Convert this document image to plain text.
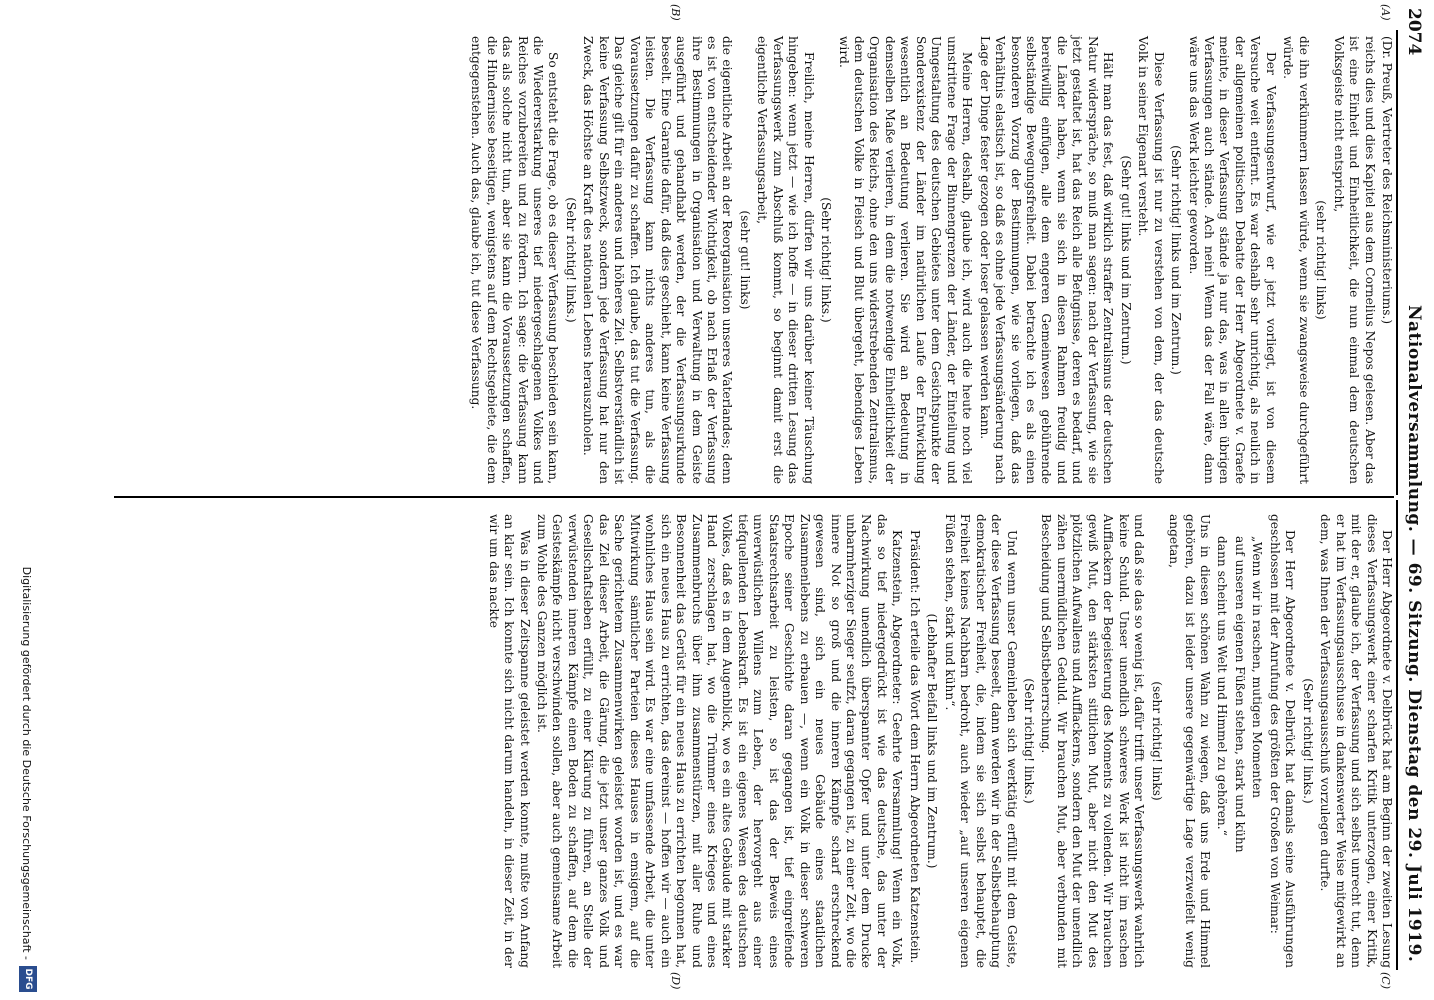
2074
Nationalversammlung. — 69. Sitzung. Dienstag den 29. Juli 1919.
(A)
(B)
(C)
(D)

(Dr. Preuß, Vertreter des Reichsministeriums.)

reichs dies und dies Kapitel aus dem Cornelius Nepos gelesen. Aber das ist eine Einheit und Einheitlichkeit, die nun einmal dem deutschen Volksgeiste nicht entspricht,

(sehr richtig! links)

die ihn verkümmern lassen würde, wenn sie zwangsweise durchgeführt würde.

Der Verfassungsentwurf, wie er jetzt vorliegt, ist von diesem Versuche weit entfernt. Es war deshalb sehr unrichtig, als neulich in der allgemeinen politischen Debatte der Herr Abgeordnete v. Graefe meinte, in dieser Verfassung stände ja nur das, was in allen übrigen Verfassungen auch stände. Ach nein! Wenn das der Fall wäre, dann wäre uns das Werk leichter geworden.

(Sehr richtig! links und im Zentrum.)

Diese Verfassung ist nur zu verstehen von dem, der das deutsche Volk in seiner Eigenart versteht.

(Sehr gut! links und im Zentrum.)

Hält man das fest, daß wirklich straffer Zentralismus der deutschen Natur widerspräche, so muß man sagen: nach der Verfassung, wie sie jetzt gestaltet ist, hat das Reich alle Befugnisse, deren es bedarf, und die Länder haben, wenn sie sich in diesen Rahmen freudig und bereitwillig einfügen, alle dem engeren Gemeinwesen gebührende selbständige Bewegungsfreiheit. Dabei betrachte ich es als einen besonderen Vorzug der Bestimmungen, wie sie vorliegen, daß das Verhältnis elastisch ist, so daß es ohne jede Verfassungsänderung nach Lage der Dinge fester gezogen oder loser gelassen werden kann.

Meine Herren, deshalb, glaube ich, wird auch die heute noch viel umstrittene Frage der Binnengrenzen der Länder, der Einteilung und Umgestaltung des deutschen Gebietes unter dem Gesichtspunkte der Sonderexistenz der Länder im natürlichen Laufe der Entwicklung wesentlich an Bedeutung verlieren. Sie wird an Bedeutung in demselben Maße verlieren, in dem die notwendige Einheitlichkeit der Organisation des Reichs, ohne den uns widerstrebenden Zentralismus, dem deutschen Volke in Fleisch und Blut übergeht, lebendiges Leben wird.

(Sehr richtig! links.)

Freilich, meine Herren, dürfen wir uns darüber keiner Täuschung hingeben: wenn jetzt — wie ich hoffe — in dieser dritten Lesung das Verfassungswerk zum Abschluß kommt, so beginnt damit erst die eigentliche Verfassungsarbeit,

(sehr gut! links)

die eigentliche Arbeit an der Reorganisation unseres Vaterlandes; denn es ist von entscheidender Wichtigkeit, ob nach Erlaß der Verfassung ihre Bestimmungen in Organisation und Verwaltung in dem Geiste ausgeführt und gehandhabt werden, der die Verfassungsurkunde beseelt. Eine Garantie dafür, daß dies geschieht, kann keine Verfassung leisten. Die Verfassung kann nichts anderes tun, als die Voraussetzungen dafür zu schaffen. Ich glaube, das tut die Verfassung. Das gleiche gilt für ein anderes und höheres Ziel. Selbstverständlich ist keine Verfassung Selbstzweck, sondern jede Verfassung hat nur den Zweck, das Höchste an Kraft des nationalen Lebens herauszuholen.

(Sehr richtig! links.)

So entsteht die Frage, ob es dieser Verfassung beschieden sein kann, die Wiedererstarkung unseres tief niedergeschlagenen Volkes und Reiches vorzubereiten und zu fördern. Ich sage: die Verfassung kann das als solche nicht tun, aber sie kann die Voraussetzungen schaffen, die Hindernisse beseitigen, wenigstens auf dem Rechtsgebiete, die dem entgegenstehen. Auch das, glaube ich, tut diese Verfassung.

Der Herr Abgeordnete v. Delbrück hat am Beginn der zweiten Lesung dieses Verfassungswerk einer scharfen Kritik unterzogen, einer Kritik, mit der er, glaube ich, der Verfassung und sich selbst unrecht tut, denn er hat im Verfassungsausschusse in dankenswerter Weise mitgewirkt an dem, was Ihnen der Verfassungsausschuß vorzulegen durfte.

(Sehr richtig! links.)

Der Herr Abgeordnete v. Delbrück hat damals seine Ausführungen geschlossen mit der Anrufung des größten der Großen von Weimar:

„Wenn wir in raschen, mutigen Momenten

auf unseren eigenen Füßen stehen, stark und kühn

dann scheint uns Welt und Himmel zu gehören.“

Uns in diesen schönen Wahn zu wiegen, daß uns Erde und Himmel gehören, dazu ist leider unsere gegenwärtige Lage verzweifelt wenig angetan,

(sehr richtig! links)

und daß sie das so wenig ist, dafür trifft unser Verfassungswerk wahrlich keine Schuld. Unser unendlich schweres Werk ist nicht im raschen Aufflackern der Begeisterung des Moments zu vollenden. Wir brauchen gewiß Mut, den stärksten sittlichen Mut, aber nicht den Mut des plötzlichen Aufwallens und Aufflackerns, sondern den Mut der unendlich zähen unermüdlichen Geduld. Wir brauchen Mut, aber verbunden mit Bescheidung und Selbstbeherrschung.

(Sehr richtig! links.)

Und wenn unser Gemeinleben sich werktätig erfüllt mit dem Geiste, der diese Verfassung beseelt, dann werden wir in der Selbstbehauptung demokratischer Freiheit, die, indem sie sich selbst behauptet, die Freiheit keines Nachbarn bedroht, auch wieder „auf unseren eigenen Füßen stehen, stark und kühn“.

(Lebhafter Beifall links und im Zentrum.)

Präsident: Ich erteile das Wort dem Herrn Abgeordneten Katzenstein.

Katzenstein, Abgeordneter: Geehrte Versammlung! Wenn ein Volk, das so tief niedergedrückt ist wie das deutsche, das unter der Nachwirkung unendlich überspannter Opfer und unter dem Drucke unbarmherziger Sieger seufzt, daran gegangen ist, zu einer Zeit, wo die innere Not so groß und die inneren Kämpfe scharf erschreckend gewesen sind, sich ein neues Gebäude eines staatlichen Zusammenlebens zu erbauen —, wenn ein Volk in dieser schweren Epoche seiner Geschichte daran gegangen ist, tief eingreifende Staatsrechtsarbeit zu leisten, so ist das der Beweis eines unverwüstlichen Willens zum Leben, der hervorgeht aus einer tiefquellenden Lebenskraft. Es ist ein eigenes Wesen des deutschen Volkes, daß es in dem Augenblick, wo es ein altes Gebäude mit starker Hand zerschlagen hat, wo die Trümmer eines Krieges und eines Zusammenbruchs über ihm zusammenstürzen, mit aller Ruhe und Besonnenheit das Gerüst für ein neues Haus zu errichten begonnen hat, sich ein neues Haus zu errichten, das dereinst — hoffen wir — auch ein wohnliches Haus sein wird. Es war eine umfassende Arbeit, die unter Mitwirkung sämtlicher Parteien dieses Hauses in emsigem, auf die Sache gerichtetem Zusammenwirken geleistet worden ist, und es war das Ziel dieser Arbeit, die Gärung, die jetzt unser ganzes Volk und Gesellschaftsleben erfüllt, zu einer Klärung zu führen, an Stelle der verwüstenden inneren Kämpfe einen Boden zu schaffen, auf dem die Geisteskämpfe nicht verschwinden sollen, aber auch gemeinsame Arbeit zum Wohle des Ganzen möglich ist.

Was in dieser Zeitspanne geleistet werden konnte, mußte von Anfang an klar sein. Ich konnte sich nicht darum handeln, in dieser Zeit, in der wir um das nackte

Digitalisierung gefördert durch die Deutsche Forschungsgemeinschaft -
DFG
